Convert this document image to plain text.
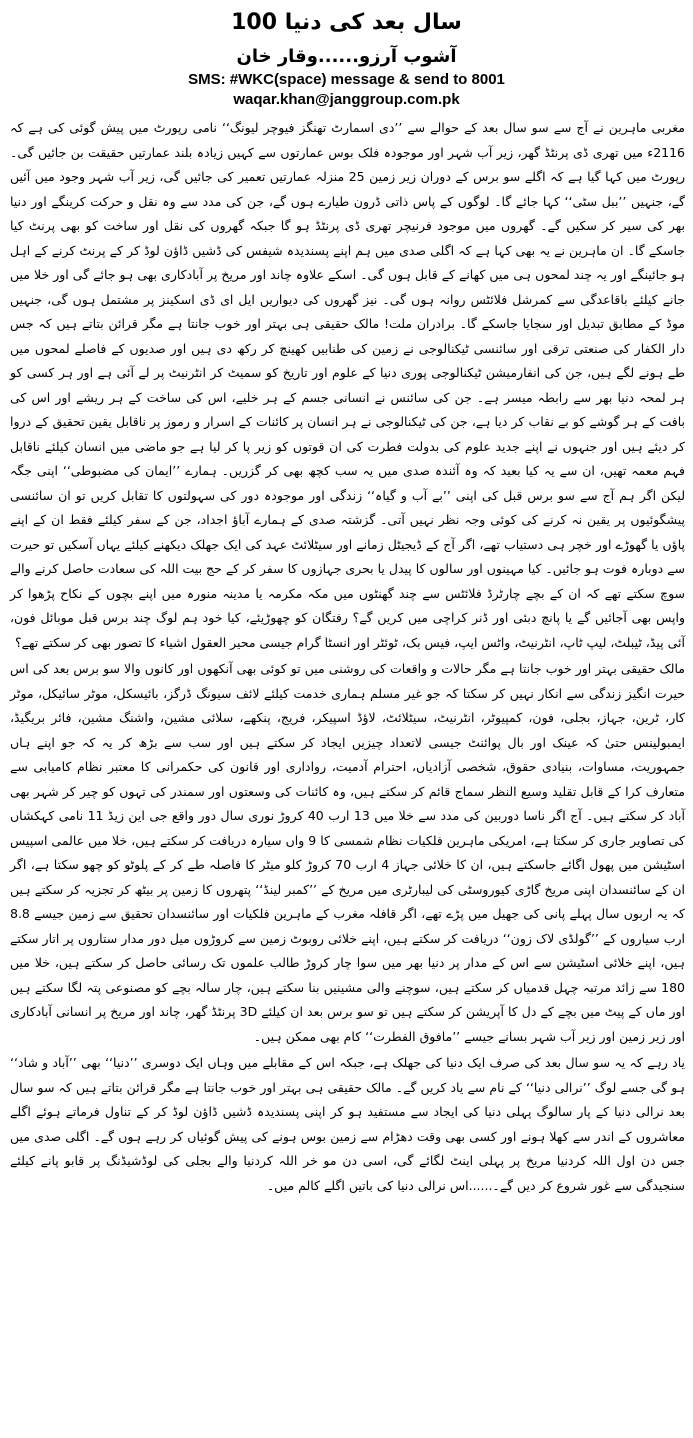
100 سال بعد کی دنیا

آشوب آرزو......وقار خان

SMS: #WKC(space) message & send to 8001

waqar.khan@janggroup.com.pk

مغربی ماہرین نے آج سے سو سال بعد کے حوالے سے ’’دی اسمارٹ تھنگز فیوچر لیونگ‘‘ نامی رپورٹ میں پیش گوئی کی ہے کہ 2116ء میں تھری ڈی پرنٹڈ گھر، زیر آب شہر اور موجودہ فلک بوس عمارتوں سے کہیں زیادہ بلند عمارتیں حقیقت بن جائیں گی۔ رپورٹ میں کہا گیا ہے کہ اگلے سو برس کے دوران زیر زمین 25 منزلہ عمارتیں تعمیر کی جائیں گی، زیر آب شہر وجود میں آئیں گے، جنہیں ’’ببل سٹی‘‘ کہا جائے گا۔ لوگوں کے پاس ذاتی ڈرون طیارے ہوں گے، جن کی مدد سے وہ نقل و حرکت کرینگے اور دنیا بھر کی سیر کر سکیں گے۔ گھروں میں موجود فرنیچر تھری ڈی پرنٹڈ ہو گا جبکہ گھروں کی نقل اور ساخت کو بھی پرنٹ کیا جاسکے گا۔ ان ماہرین نے یہ بھی کہا ہے کہ اگلی صدی میں ہم اپنے پسندیدہ شیفس کی ڈشیں ڈاؤن لوڈ کر کے پرنٹ کرنے کے اہل ہو جائینگے اور یہ چند لمحوں ہی میں کھانے کے قابل ہوں گی۔ اسکے علاوہ چاند اور مریخ پر آبادکاری بھی ہو جائے گی اور خلا میں جانے کیلئے باقاعدگی سے کمرشل فلائٹس روانہ ہوں گی۔ نیز گھروں کی دیواریں ایل ای ڈی اسکینز پر مشتمل ہوں گی، جنہیں موڈ کے مطابق تبدیل اور سجایا جاسکے گا۔ برادران ملت! مالک حقیقی ہی بہتر اور خوب جانتا ہے مگر قرائن بتاتے ہیں کہ جس دار الکفار کی صنعتی ترقی اور سائنسی ٹیکنالوجی نے زمین کی طنابیں کھینچ کر رکھ دی ہیں اور صدیوں کے فاصلے لمحوں میں طے ہونے لگے ہیں، جن کی انفارمیشن ٹیکنالوجی پوری دنیا کے علوم اور تاریخ کو سمیٹ کر انٹرنیٹ پر لے آئی ہے اور ہر کسی کو ہر لمحہ دنیا بھر سے رابطہ میسر ہے۔ جن کی سائنس نے انسانی جسم کے ہر خلیے، اس کی ساخت کے ہر ریشے اور اس کی بافت کے ہر گوشے کو بے نقاب کر دیا ہے، جن کی ٹیکنالوجی نے ہر انسان پر کائنات کے اسرار و رموز پر ناقابل یقین تحقیق کے دروا کر دیئے ہیں اور جنہوں نے اپنے جدید علوم کی بدولت فطرت کی ان قوتوں کو زیر پا کر لیا ہے جو ماضی میں انسان کیلئے ناقابل فہم معمہ تھیں، ان سے یہ کیا بعید کہ وہ آئندہ صدی میں یہ سب کچھ بھی کر گزریں۔ ہمارے ’’ایمان کی مضبوطی‘‘ اپنی جگہ لیکن اگر ہم آج سے سو برس قبل کی اپنی ’’بے آب و گیاہ‘‘ زندگی اور موجودہ دور کی سہولتوں کا تقابل کریں تو ان سائنسی پیشگوئیوں پر یقین نہ کرنے کی کوئی وجہ نظر نہیں آتی۔ گزشتہ صدی کے ہمارے آباؤ اجداد، جن کے سفر کیلئے فقط ان کے اپنے پاؤں یا گھوڑے اور خچر ہی دستیاب تھے، اگر آج کے ڈیجیٹل زمانے اور سیٹلائٹ عہد کی ایک جھلک دیکھنے کیلئے یہاں آسکیں تو حیرت سے دوبارہ فوت ہو جائیں۔ کیا مہینوں اور سالوں کا پیدل یا بحری جہازوں کا سفر کر کے حج بیت اللہ کی سعادت حاصل کرنے والے سوچ سکتے تھے کہ ان کے بچے چارٹرڈ فلائٹس سے چند گھنٹوں میں مکہ مکرمہ یا مدینہ منورہ میں اپنے بچوں کے نکاح پڑھوا کر واپس بھی آجائیں گے یا پانچ دبئی اور ڈنر کراچی میں کریں گے؟ رفتگان کو چھوڑیئے، کیا خود ہم لوگ چند برس قبل موبائل فون، آئی پیڈ، ٹیبلٹ، لیپ ٹاپ، انٹرنیٹ، واٹس ایپ، فیس بک، ٹوئٹر اور انسٹا گرام جیسی محیر العقول اشیاء کا تصور بھی کر سکتے تھے؟

مالک حقیقی بہتر اور خوب جانتا ہے مگر حالات و واقعات کی روشنی میں تو کوئی بھی آنکھوں اور کانوں والا سو برس بعد کی اس حیرت انگیز زندگی سے انکار نہیں کر سکتا کہ جو غیر مسلم ہماری خدمت کیلئے لائف سیونگ ڈرگز، بائیسکل، موٹر سائیکل، موٹر کار، ٹرین، جہاز، بجلی، فون، کمپیوٹر، انٹرنیٹ، سیٹلائٹ، لاؤڈ اسپیکر، فریج، پنکھے، سلائی مشین، واشنگ مشین، فائر بریگیڈ، ایمبولینس حتیٰ کہ عینک اور بال پوائنٹ جیسی لاتعداد چیزیں ایجاد کر سکتے ہیں اور سب سے بڑھ کر یہ کہ جو اپنے ہاں جمہوریت، مساوات، بنیادی حقوق، شخصی آزادیاں، احترام آدمیت، رواداری اور قانون کی حکمرانی کا معتبر نظام کامیابی سے متعارف کرا کے قابل تقلید وسیع النظر سماج قائم کر سکتے ہیں، وہ کائنات کی وسعتوں اور سمندر کی تہوں کو چیر کر شہر بھی آباد کر سکتے ہیں۔ آج اگر ناسا دوربین کی مدد سے خلا میں 13 ارب 40 کروڑ نوری سال دور واقع جی این زیڈ 11 نامی کہکشاں کی تصاویر جاری کر سکتا ہے، امریکی ماہرین فلکیات نظام شمسی کا 9 واں سیارہ دریافت کر سکتے ہیں، خلا میں عالمی اسپیس اسٹیشن میں پھول اگائے جاسکتے ہیں، ان کا خلائی جہاز 4 ارب 70 کروڑ کلو میٹر کا فاصلہ طے کر کے پلوٹو کو چھو سکتا ہے، اگر ان کے سائنسدان اپنی مریخ گاڑی کیوروسٹی کی لیبارٹری میں مریخ کے ’’کمبر لینڈ‘‘ پتھروں کا زمین پر بیٹھ کر تجزیہ کر سکتے ہیں کہ یہ اربوں سال پہلے پانی کی جھیل میں پڑے تھے، اگر قافلہ مغرب کے ماہرین فلکیات اور سائنسدان تحقیق سے زمین جیسے 8.8 ارب سیاروں کے ’’گولڈی لاک زون‘‘ دریافت کر سکتے ہیں، اپنے خلائی روبوٹ زمین سے کروڑوں میل دور مدار ستاروں پر اتار سکتے ہیں، اپنے خلائی اسٹیشن سے اس کے مدار پر دنیا بھر میں سوا چار کروڑ طالب علموں تک رسائی حاصل کر سکتے ہیں، خلا میں 180 سے زائد مرتبہ چہل قدمیاں کر سکتے ہیں، سوچنے والی مشینیں بنا سکتے ہیں، چار سالہ بچے کو مصنوعی پتہ لگا سکتے ہیں اور ماں کے پیٹ میں بچے کے دل کا آپریشن کر سکتے ہیں تو سو برس بعد ان کیلئے 3D پرنٹڈ گھر، چاند اور مریخ پر انسانی آبادکاری اور زیر زمین اور زیر آب شہر بسانے جیسے ’’مافوق الفطرت‘‘ کام بھی ممکن ہیں۔

یاد رہے کہ یہ سو سال بعد کی صرف ایک دنیا کی جھلک ہے، جبکہ اس کے مقابلے میں وہاں ایک دوسری ’’دنیا‘‘ بھی ’’آباد و شاد‘‘ ہو گی جسے لوگ ’’نرالی دنیا‘‘ کے نام سے یاد کریں گے۔ مالک حقیقی ہی بہتر اور خوب جانتا ہے مگر قرائن بتاتے ہیں کہ سو سال بعد نرالی دنیا کے پار سالوگ پہلی دنیا کی ایجاد سے مستفید ہو کر اپنی پسندیدہ ڈشیں ڈاؤن لوڈ کر کے تناول فرماتے ہوئے اگلے معاشروں کے اندر سے کھلا ہونے اور کسی بھی وقت دھڑام سے زمین بوس ہونے کی پیش گوئیاں کر رہے ہوں گے۔ اگلی صدی میں جس دن اول اللہ کردنیا مریخ پر پہلی اینٹ لگائے گی، اسی دن مو خر اللہ کردنیا والے بجلی کی لوڈشیڈنگ پر قابو پانے کیلئے سنجیدگی سے غور شروع کر دیں گے۔......اس نرالی دنیا کی باتیں اگلے کالم میں۔
